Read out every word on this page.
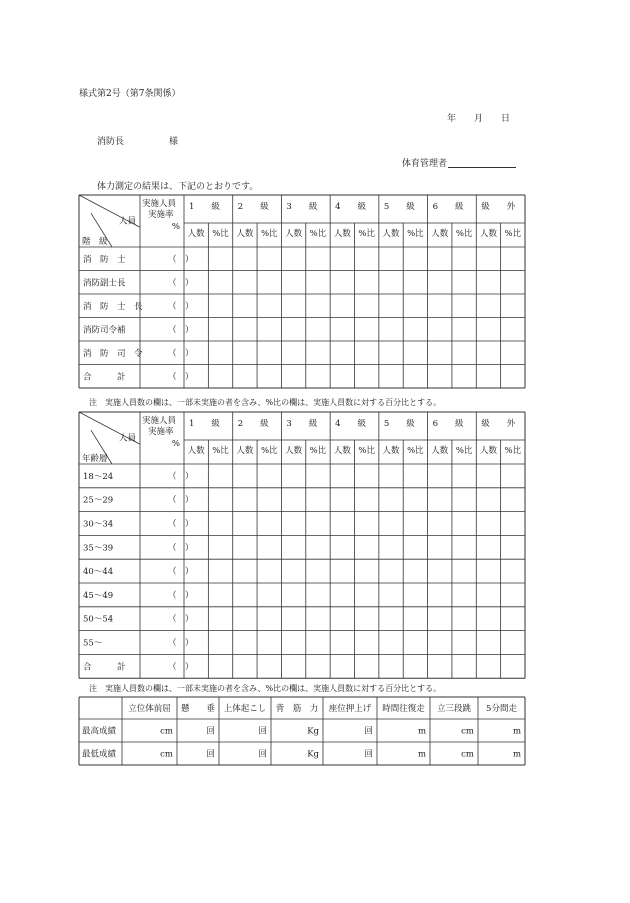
様式第2号（第7条関係）
年　　月　　日
消防長　　　　　様
体育管理者
体力測定の結果は、下記のとおりです。
注　実施人員数の欄は、一部未実施の者を含み、%比の欄は、実施人員数に対する百分比とする。
注　実施人員数の欄は、一部未実施の者を含み、%比の欄は、実施人員数に対する百分比とする。
人員
階　級
実施人員
実施率
%
1　　級 2　　級 3　　級 4　　級 5　　級 6　　級 級　　外
人数 %比 人数 %比 人数 %比 人数 %比 人数 %比 人数 %比 人数 %比
消　防　士	（　）
消防副士長	（　）
消　防　士　長	（　）
消防司令補	（　）
消　防　司　令	（　）
合　　　計	（　）
人員
年齢層
実施人員
実施率
%
1　　級 2　　級 3　　級 4　　級 5　　級 6　　級 級　　外
人数 %比 人数 %比 人数 %比 人数 %比 人数 %比 人数 %比 人数 %比
18～24	（　）
25～29	（　）
30～34	（　）
35～39	（　）
40～44	（　）
45～49	（　）
50～54	（　）
55～	（　）
合　　　計	（　）
立位体前屈 懸　　垂 上体起こし 背　筋　力 座位押上げ 時間往復走 立三段跳 5分間走
最高成績	cm	回	回	Kg	回	m	cm	m
最低成績	cm	回	回	Kg	回	m	cm	m
